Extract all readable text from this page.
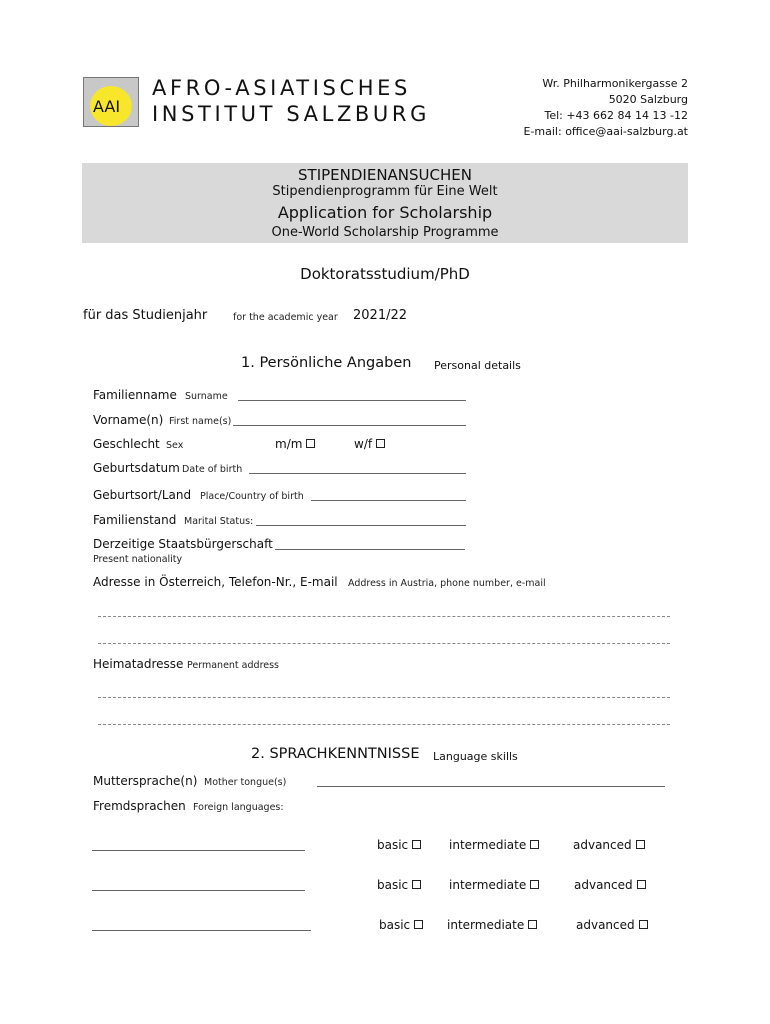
AAI
AFRO-ASIATISCHES
INSTITUT SALZBURG
Wr. Philharmonikergasse 2
5020 Salzburg
Tel: +43 662 84 14 13 -12
E-mail: office@aai-salzburg.at
STIPENDIENANSUCHEN
Stipendienprogramm für Eine Welt
Application for Scholarship
One-World Scholarship Programme
Doktoratsstudium/PhD
für das Studienjahr	for the academic year 2021/22
1. Persönliche Angaben Personal details
Familienname Surname
Vorname(n) First name(s)
Geschlecht Sex	m/m	w/f
Geburtsdatum Date of birth
Geburtsort/Land Place/Country of birth
Familienstand Marital Status:
Derzeitige Staatsbürgerschaft
Present nationality
Adresse in Österreich, Telefon-Nr., E-mail Address in Austria, phone number, e-mail
Heimatadresse Permanent address
2. SPRACHKENNTNISSE Language skills
Muttersprache(n) Mother tongue(s)
Fremdsprachen Foreign languages:
basic	intermediate	advanced
basic	intermediate	advanced
basic	intermediate	advanced
